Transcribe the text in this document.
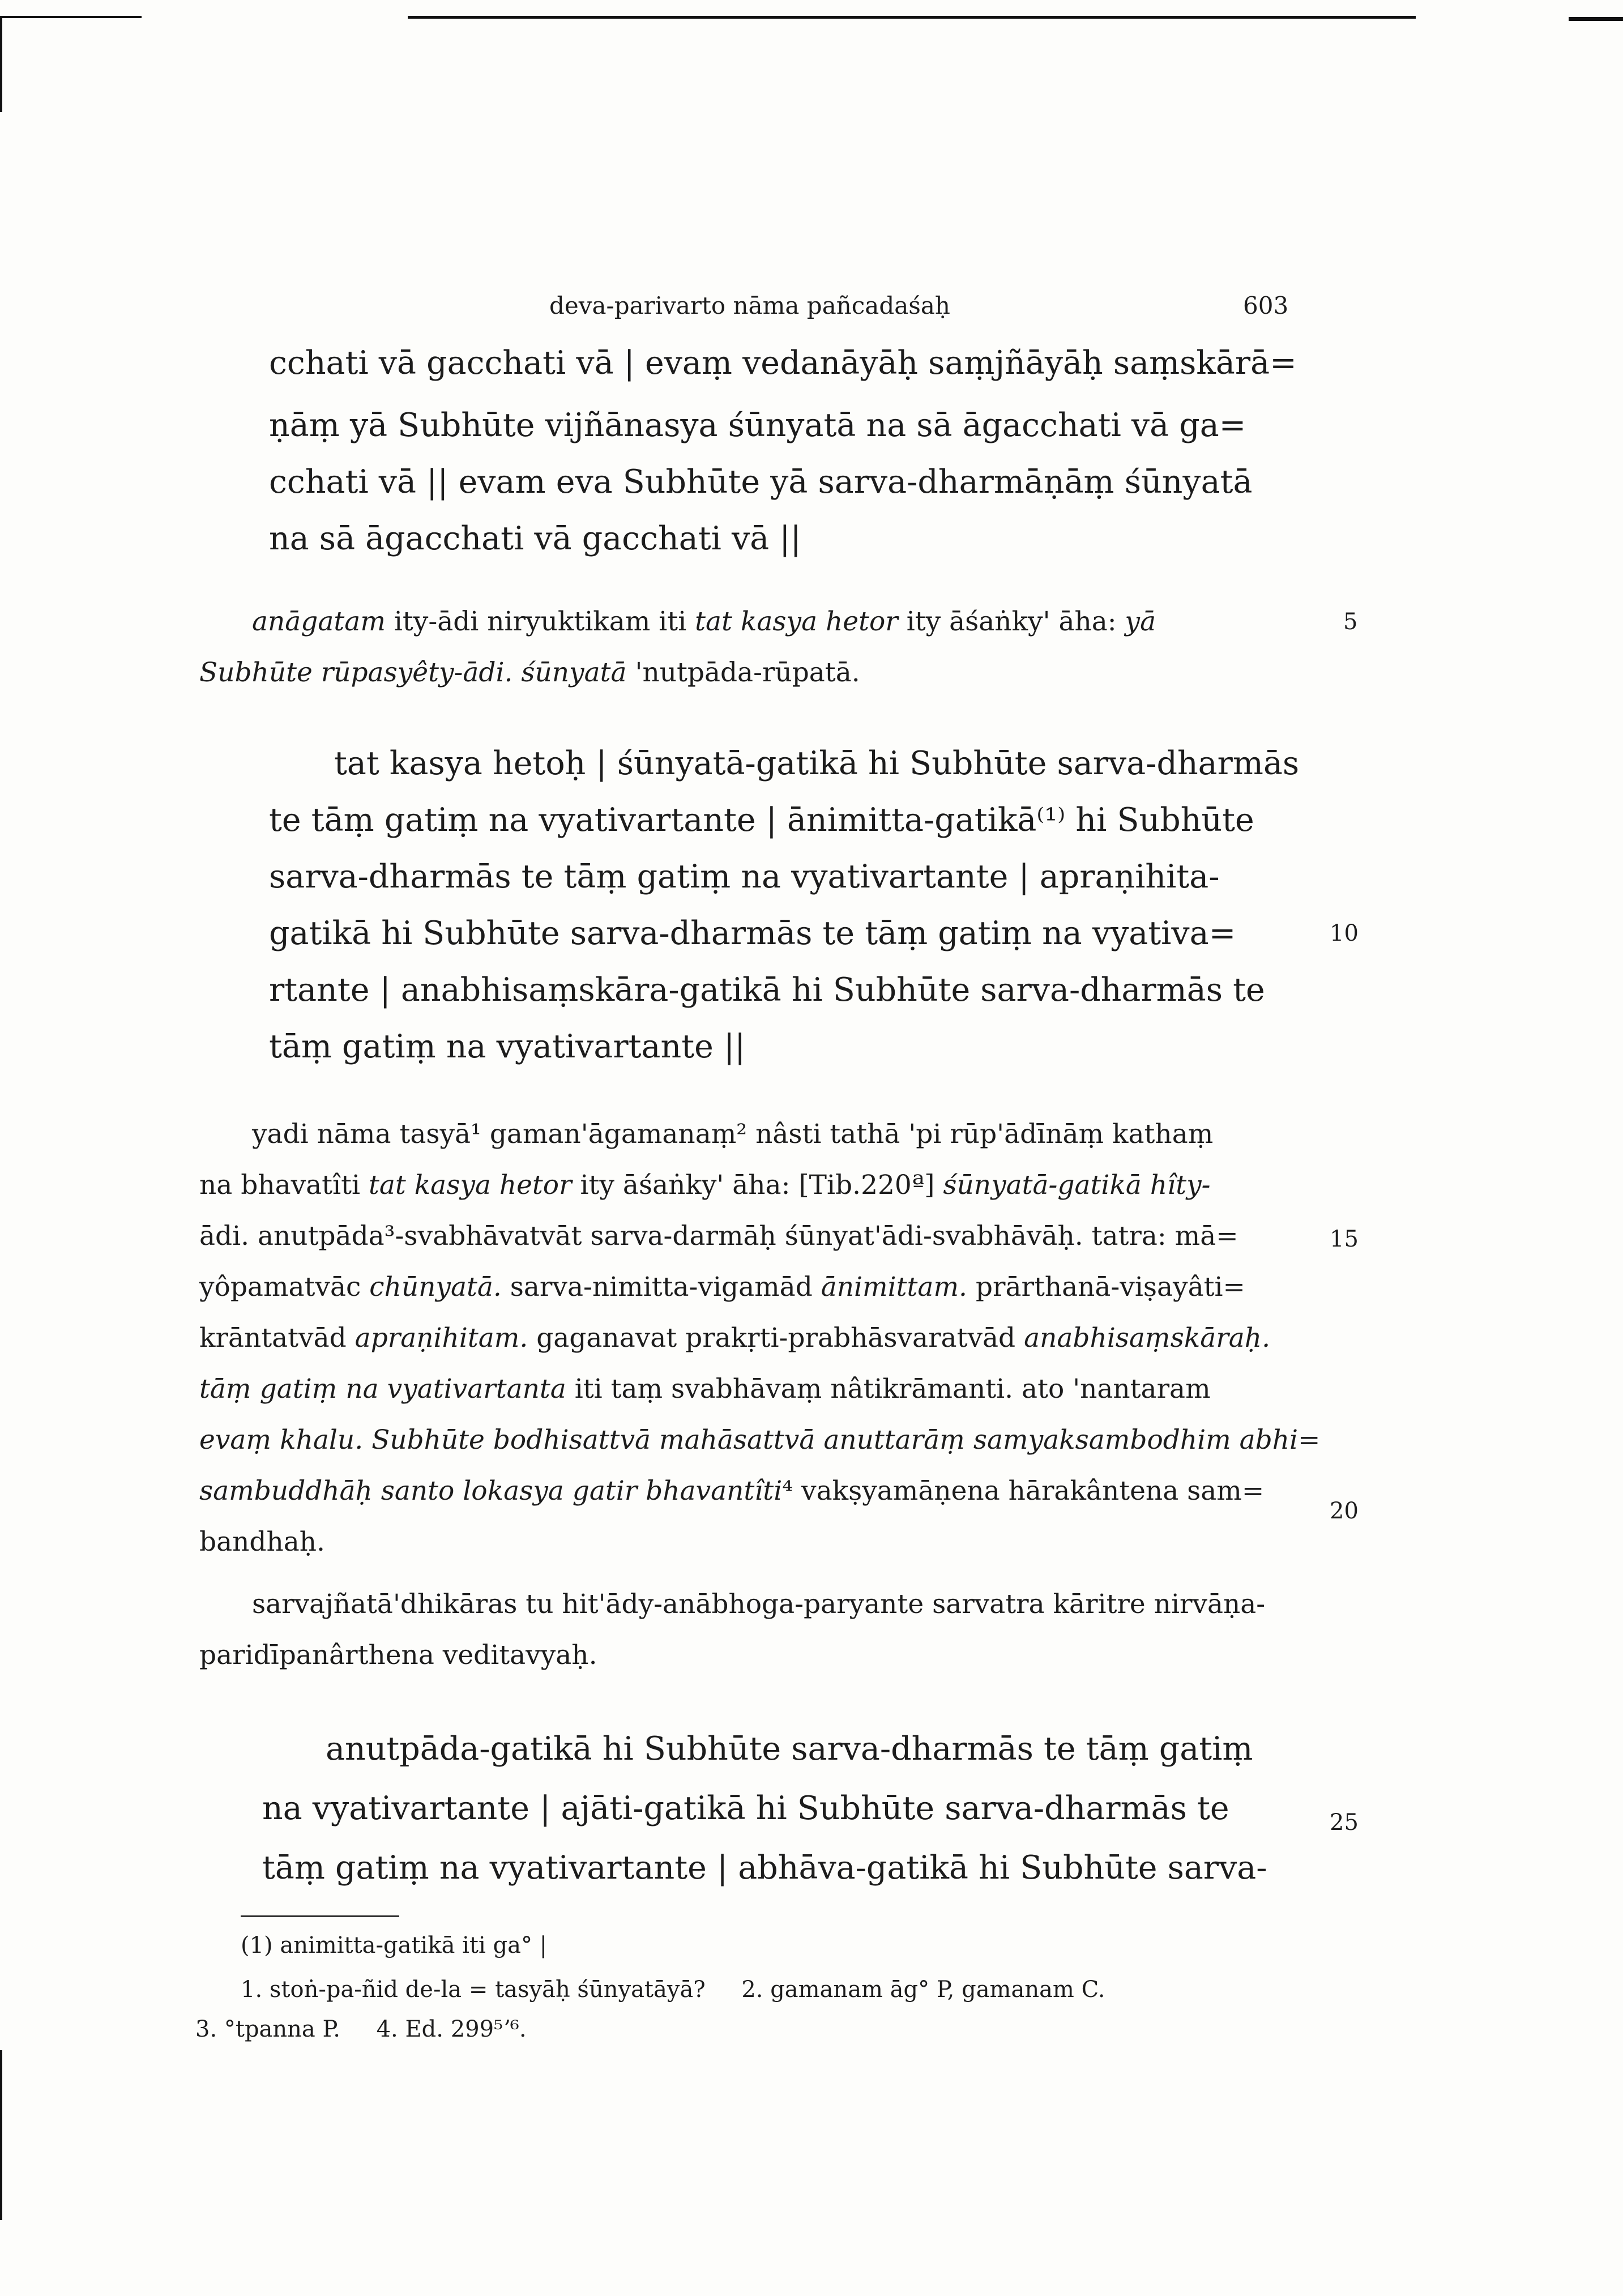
deva-parivarto nāma pañcadaśaḥ	603
cchati vā gacchati vā | evaṃ vedanāyāḥ saṃjñāyāḥ saṃskārā=
ṇāṃ yā Subhūte vijñānasya śūnyatā na sā āgacchati vā ga=
cchati vā || evam eva Subhūte yā sarva-dharmāṇāṃ śūnyatā
na sā āgacchati vā gacchati vā ||
anāgatam ity-ādi niryuktikam iti tat kasya hetor ity āśaṅky' āha: yā
Subhūte rūpasyêty-ādi. śūnyatā 'nutpāda-rūpatā.
tat kasya hetoḥ | śūnyatā-gatikā hi Subhūte sarva-dharmās
te tāṃ gatiṃ na vyativartante | ānimitta-gatikā⁽¹⁾ hi Subhūte
sarva-dharmās te tāṃ gatiṃ na vyativartante | apraṇihita-
gatikā hi Subhūte sarva-dharmās te tāṃ gatiṃ na vyativa=
rtante | anabhisaṃskāra-gatikā hi Subhūte sarva-dharmās te
tāṃ gatiṃ na vyativartante ||
yadi nāma tasyā¹ gaman'āgamanaṃ² nâsti tathā 'pi rūp'ādīnāṃ kathaṃ
na bhavatîti tat kasya hetor ity āśaṅky' āha: [Tib.220ª] śūnyatā-gatikā hîty-
ādi. anutpāda³-svabhāvatvāt sarva-darmāḥ śūnyat'ādi-svabhāvāḥ. tatra: mā=
yôpamatvāc chūnyatā. sarva-nimitta-vigamād ānimittam. prārthanā-viṣayâti=
krāntatvād apraṇihitam. gaganavat prakṛti-prabhāsvaratvād anabhisaṃskāraḥ.
tāṃ gatiṃ na vyativartanta iti taṃ svabhāvaṃ nâtikrāmanti. ato 'nantaram
evaṃ khalu. Subhūte bodhisattvā mahāsattvā anuttarāṃ samyaksambodhim abhi=
sambuddhāḥ santo lokasya gatir bhavantîti⁴ vakṣyamāṇena hārakântena sam=
bandhaḥ.
sarvajñatā'dhikāras tu hit'ādy-anābhoga-paryante sarvatra kāritre nirvāṇa-
paridīpanârthena veditavyaḥ.
anutpāda-gatikā hi Subhūte sarva-dharmās te tāṃ gatiṃ
na vyativartante | ajāti-gatikā hi Subhūte sarva-dharmās te
tāṃ gatiṃ na vyativartante | abhāva-gatikā hi Subhūte sarva-
5
10
15
20
25
(1) animitta-gatikā iti ga° |
1. stoṅ-pa-ñid de-la = tasyāḥ śūnyatāyā?     2. gamanam āg° P, gamanam C.
3. °tpanna P.     4. Ed. 299⁵ʼ⁶.
